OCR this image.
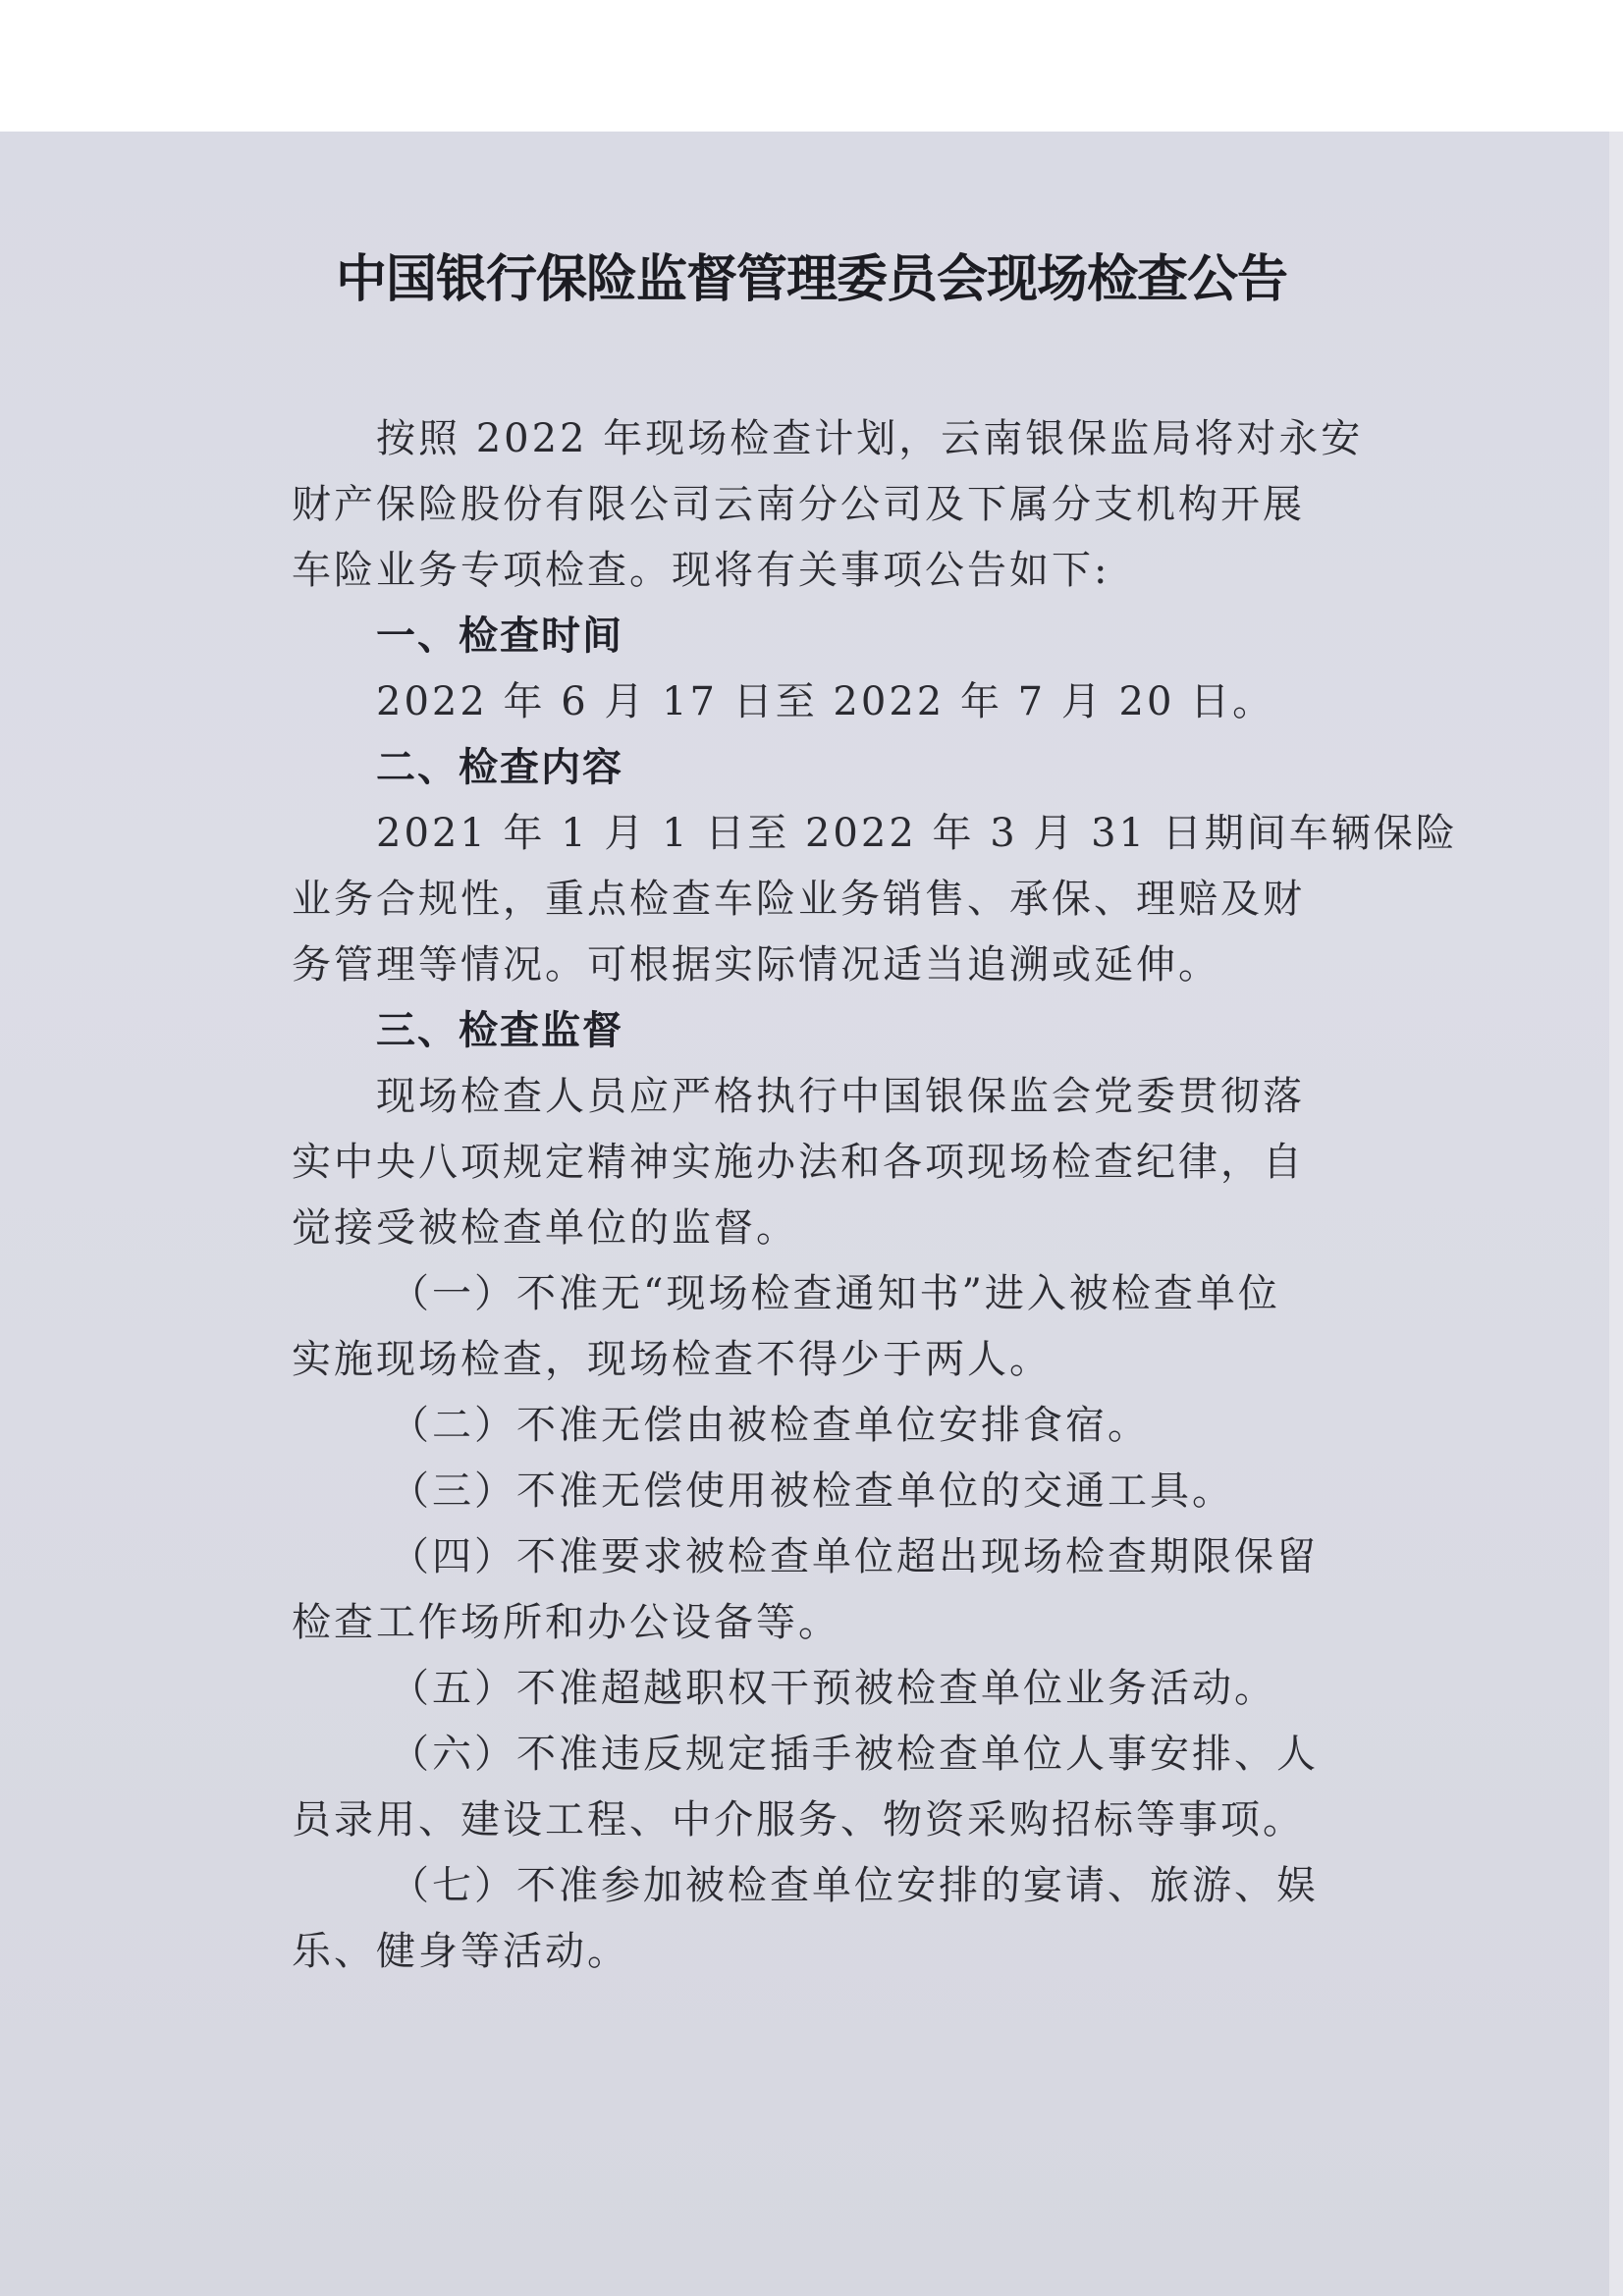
中国银行保险监督管理委员会现场检查公告
按照 2022 年现场检查计划，云南银保监局将对永安
财产保险股份有限公司云南分公司及下属分支机构开展
车险业务专项检查。现将有关事项公告如下:
一、检查时间
2022 年 6 月 17 日至 2022 年 7 月 20 日。
二、检查内容
2021 年 1 月 1 日至 2022 年 3 月 31 日期间车辆保险
业务合规性，重点检查车险业务销售、承保、理赔及财
务管理等情况。可根据实际情况适当追溯或延伸。
三、检查监督
现场检查人员应严格执行中国银保监会党委贯彻落
实中央八项规定精神实施办法和各项现场检查纪律，自
觉接受被检查单位的监督。
（一）不准无“现场检查通知书”进入被检查单位
实施现场检查，现场检查不得少于两人。
（二）不准无偿由被检查单位安排食宿。
（三）不准无偿使用被检查单位的交通工具。
（四）不准要求被检查单位超出现场检查期限保留
检查工作场所和办公设备等。
（五）不准超越职权干预被检查单位业务活动。
（六）不准违反规定插手被检查单位人事安排、人
员录用、建设工程、中介服务、物资采购招标等事项。
（七）不准参加被检查单位安排的宴请、旅游、娱
乐、健身等活动。
